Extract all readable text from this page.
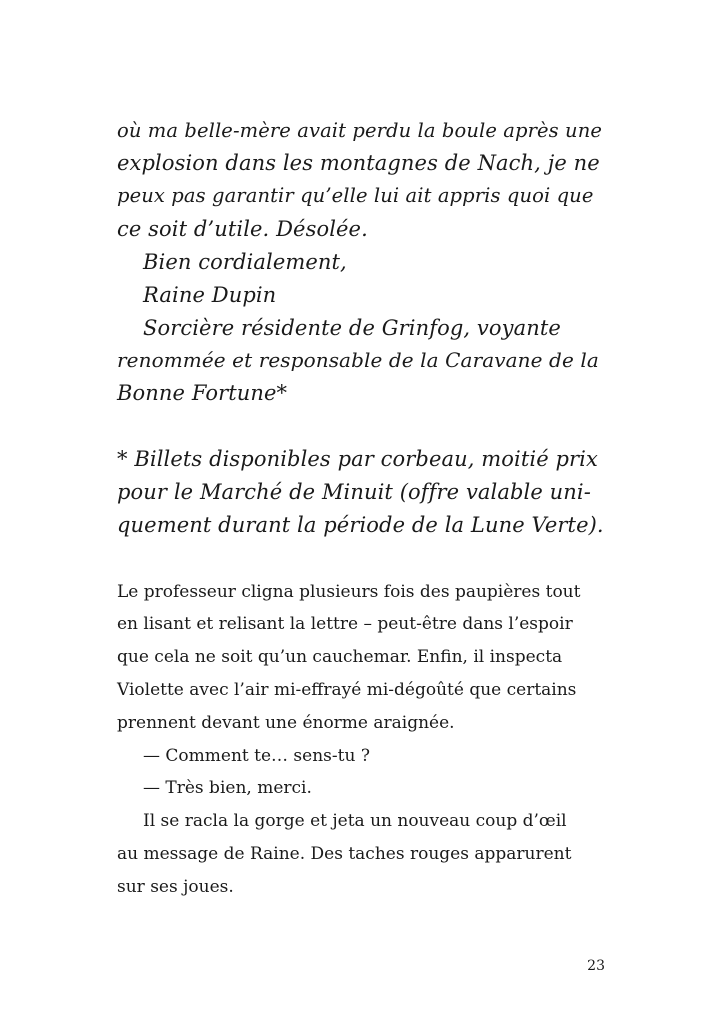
où ma belle-mère avait perdu la boule après une
explosion dans les montagnes de Nach, je ne
peux pas garantir qu’elle lui ait appris quoi que
ce soit d’utile. Désolée.
Bien cordialement,
Raine Dupin
Sorcière résidente de Grinfog, voyante
renommée et responsable de la Caravane de la
Bonne Fortune*
* Billets disponibles par corbeau, moitié prix
pour le Marché de Minuit (offre valable uni-
quement durant la période de la Lune Verte).
Le professeur cligna plusieurs fois des paupières tout
en lisant et relisant la lettre – peut-être dans l’espoir
que cela ne soit qu’un cauchemar. Enfin, il inspecta
Violette avec l’air mi-effrayé mi-dégoûté que certains
prennent devant une énorme araignée.
— Comment te… sens-tu ?
— Très bien, merci.
Il se racla la gorge et jeta un nouveau coup d’œil
au message de Raine. Des taches rouges apparurent
sur ses joues.
23
